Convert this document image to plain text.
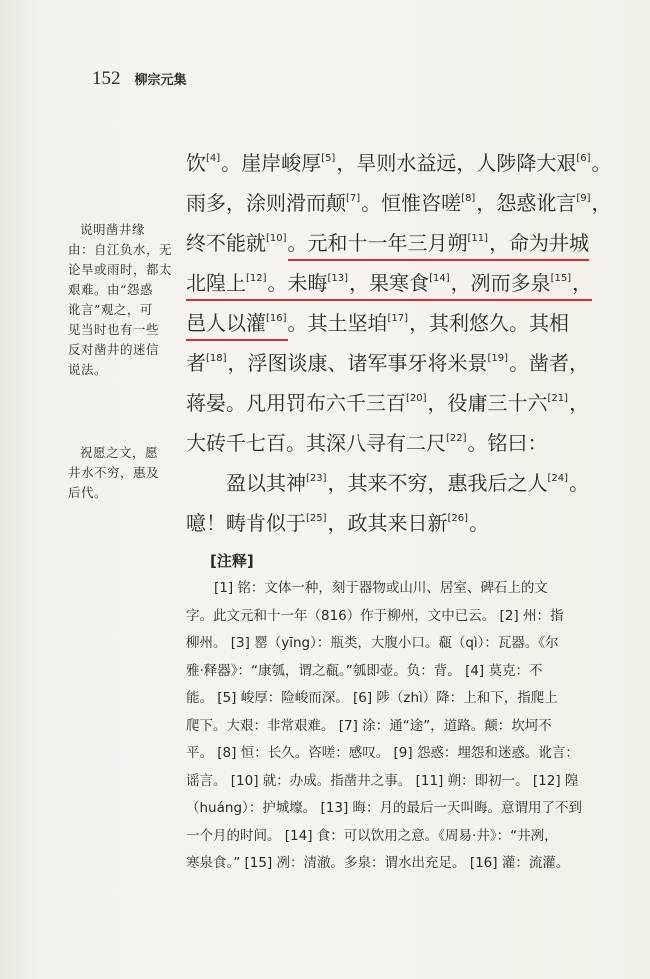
152 柳宗元集
饮[4]。崖岸峻厚[5]，旱则水益远，人陟降大艰[6]。
雨多，涂则滑而颠[7]。恒惟咨嗟[8]，怨惑讹言[9]，
终不能就[10]。元和十一年三月朔[11]，命为井城
北隍上[12]。未晦[13]，果寒食[14]，冽而多泉[15]，
邑人以灌[16]。其土坚垍[17]，其利悠久。其相
者[18]，浮图谈康、诸军事牙将米景[19]。凿者，
蒋晏。凡用罚布六千三百[20]，役庸三十六[21]，
大砖千七百。其深八寻有二尺[22]。铭曰：
盈以其神[23]，其来不穷，惠我后之人[24]。
噫！畴肯似于[25]，政其来日新[26]。
说明凿井缘
由：自江负水，无
论旱或雨时，都太
艰难。由“怨惑
讹言”观之，可
见当时也有一些
反对凿井的迷信
说法。
祝愿之文，愿
井水不穷，惠及
后代。
[注释]
[1] 铭：文体一种，刻于器物或山川、居室、碑石上的文
字。此文元和十一年（816）作于柳州，文中已云。 [2] 州：指
柳州。 [3] 罂（yīng）：瓶类，大腹小口。瓻（qì）：瓦器。《尔
雅·释器》：“康瓠，谓之瓻。”瓠即壶。负：背。 [4] 莫克：不
能。 [5] 峻厚：险峻而深。 [6] 陟（zhì）降：上和下，指爬上
爬下。大艰：非常艰难。 [7] 涂：通“途”，道路。颠：坎坷不
平。 [8] 恒：长久。咨嗟：感叹。 [9] 怨惑：埋怨和迷惑。讹言：
谣言。 [10] 就：办成。指凿井之事。 [11] 朔：即初一。 [12] 隍
（huáng）：护城壕。 [13] 晦：月的最后一天叫晦。意谓用了不到
一个月的时间。 [14] 食：可以饮用之意。《周易·井》：“井冽，
寒泉食。” [15] 冽：清澈。多泉：谓水出充足。 [16] 灌：流灌。
